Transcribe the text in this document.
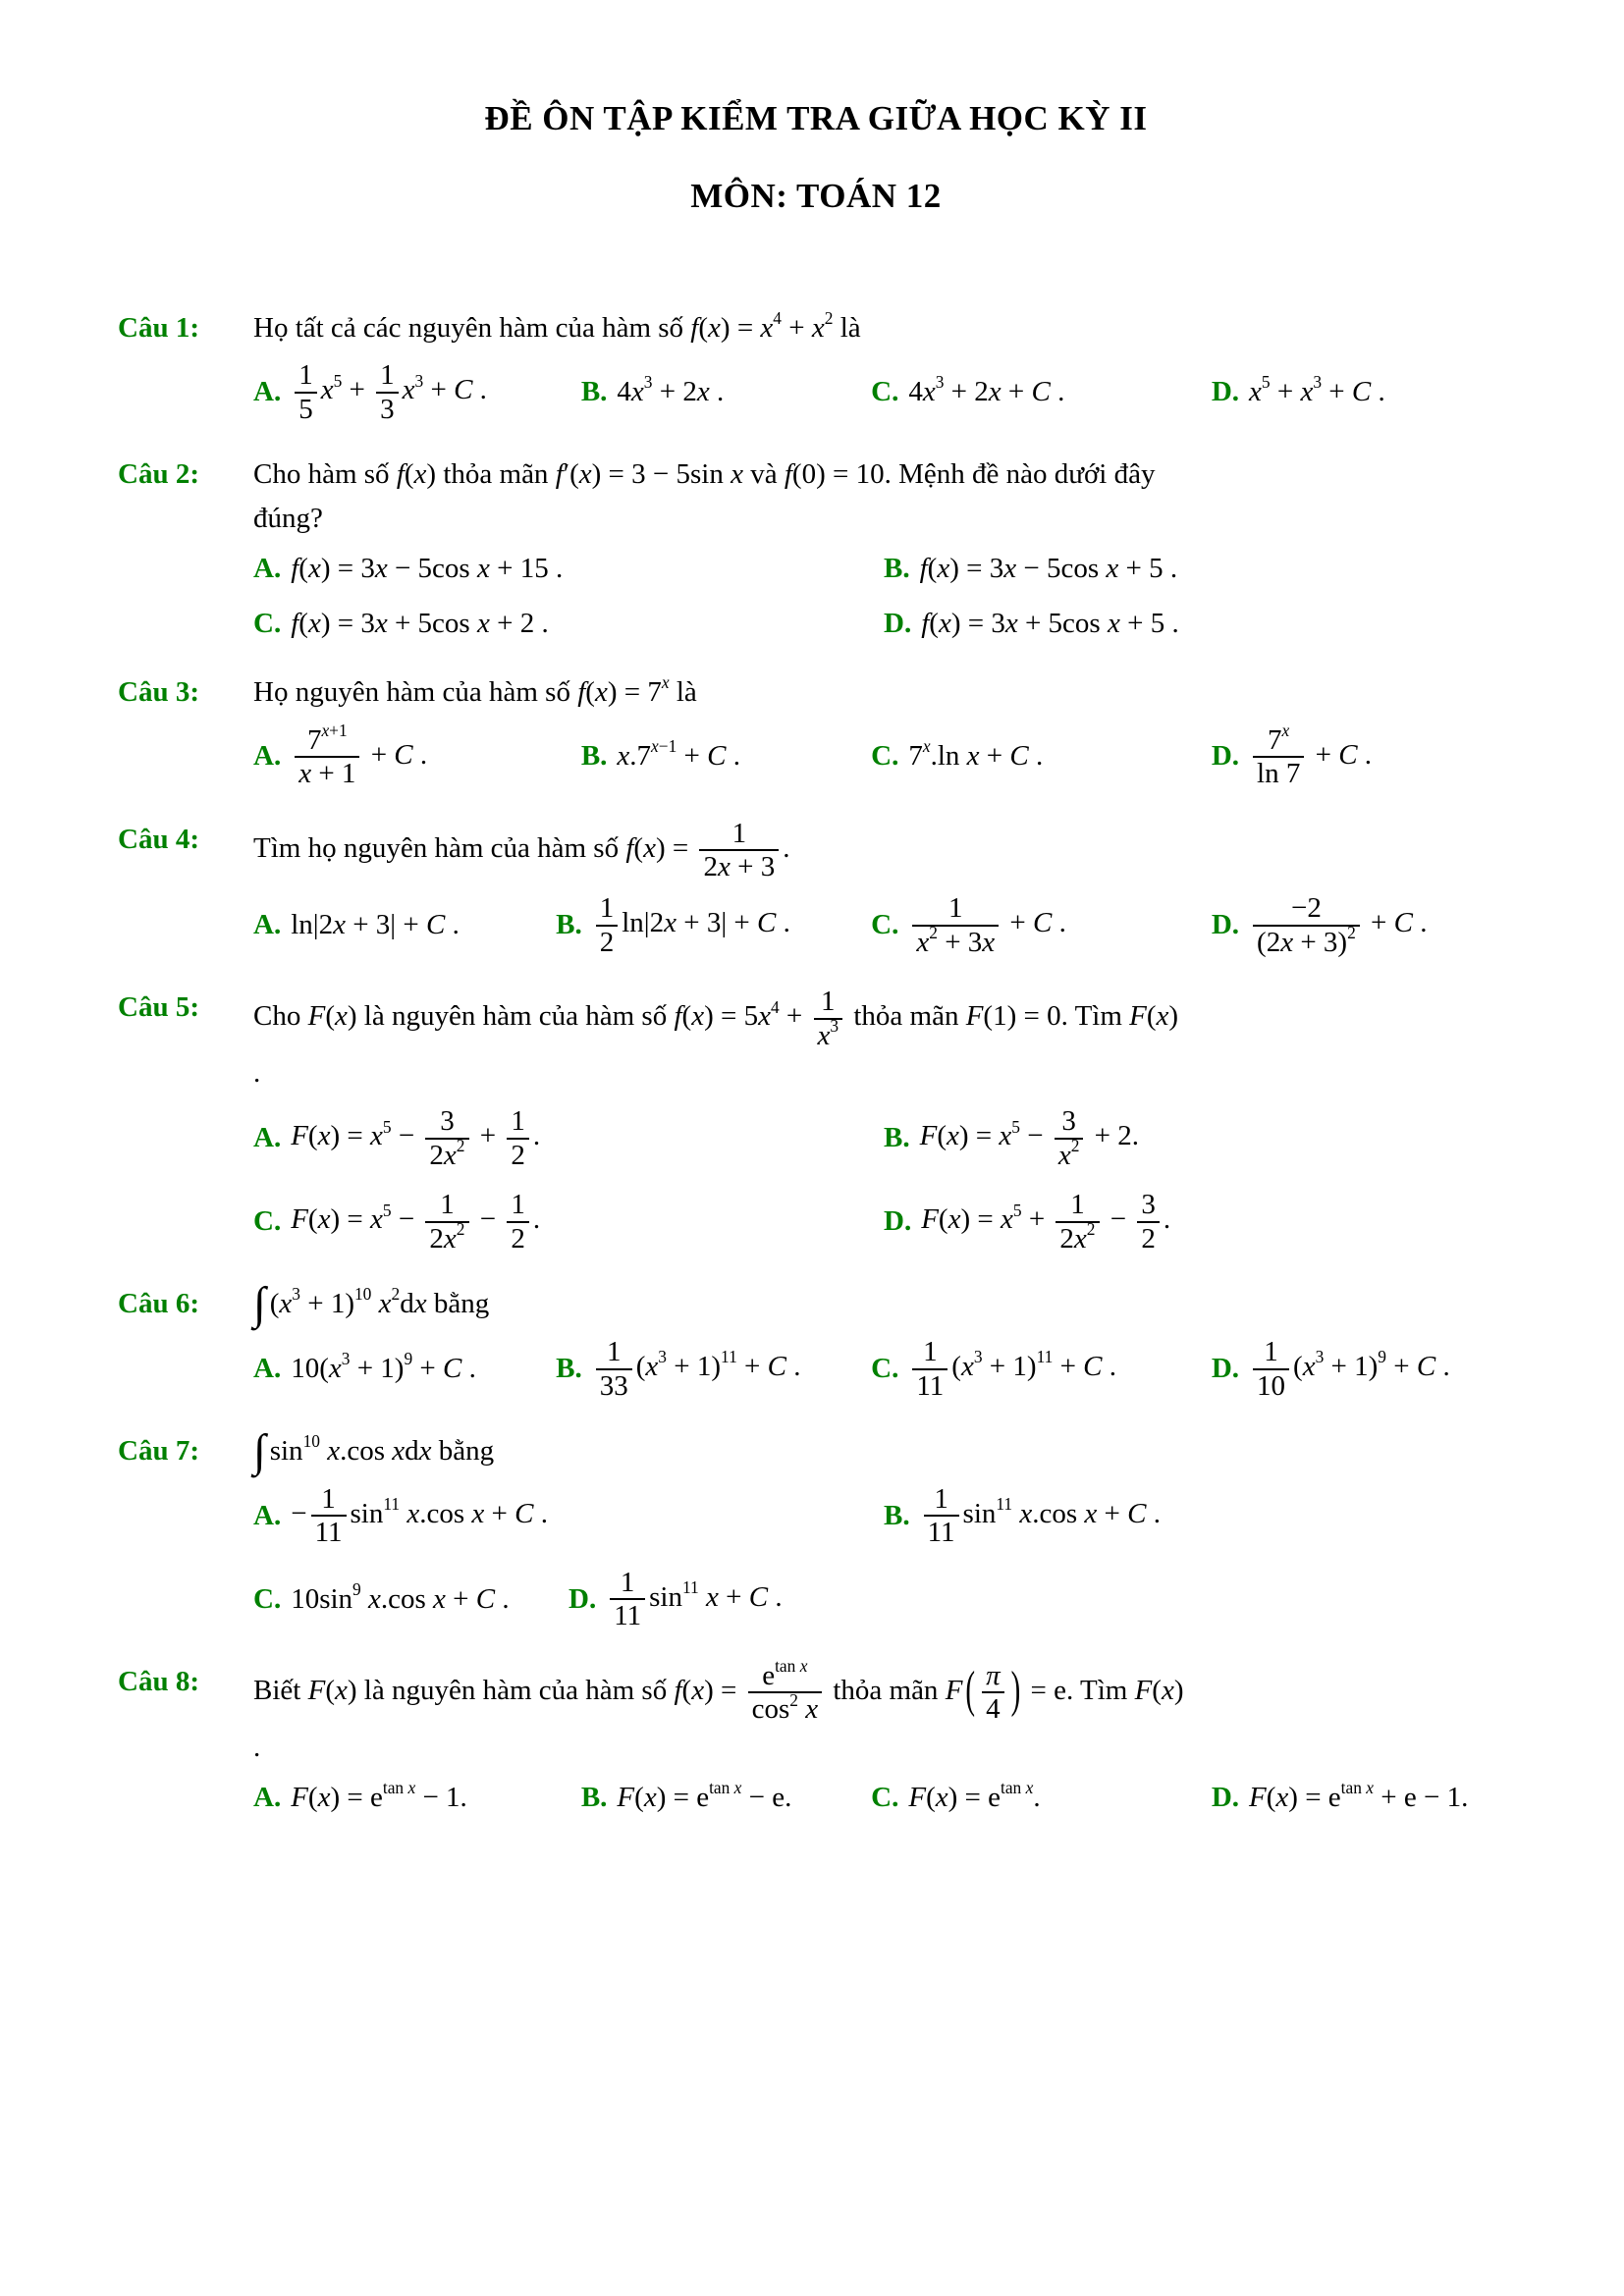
ĐỀ ÔN TẬP KIỂM TRA GIỮA HỌC KỲ II
MÔN: TOÁN 12
Câu 1:	Họ tất cả các nguyên hàm của hàm số $f(x) = x^4 + x^2$ là
A. $\frac{1}{5} x^5 + \frac{1}{3} x^3 + C$ .	B. $4x^3 + 2x$ .	C. $4x^3 + 2x + C$ .	D. $x^5 + x^3 + C$ .
Câu 2:	Cho hàm số f(x) thỏa mãn f′(x) = 3 − 5sin x và f(0) = 10. Mệnh đề nào dưới đây
đúng?
A. f(x) = 3x − 5cos x + 15 .	B. f(x) = 3x − 5cos x + 5 .
C. f(x) = 3x + 5cos x + 2 .	D. f(x) = 3x + 5cos x + 5 .
Câu 3:	Họ nguyên hàm của hàm số $f(x) = 7^x$ là
A. $\frac{7^{x+1}}{x + 1} + C$ .	B. $x.7^{x-1} + C$ .	C. 7$^x$.ln x + C .	D. $\frac{7^x}{\ln 7} + C$ .
Câu 4:	Tìm họ nguyên hàm của hàm số $f(x) = \frac{1}{2x + 3}$ .
A. ln|2x + 3| + C .	B. $\frac{1}{2} \ln|2x + 3| + C$ .	C. $\frac{1}{x^2 + 3x} + C$ .	D. $\frac{-2}{(2x + 3)^2} + C$ .
Câu 5:	Cho F(x) là nguyên hàm của hàm số $f(x) = 5x^4 + \frac{1}{x^3}$ thỏa mãn F(1) = 0. Tìm F(x)
.
A. $F(x) = x^5 - \frac{3}{2x^2} + \frac{1}{2}$ .	B. $F(x) = x^5 - \frac{3}{x^2} + 2$.
C. $F(x) = x^5 - \frac{1}{2x^2} - \frac{1}{2}$ .	D. $F(x) = x^5 + \frac{1}{2x^2} - \frac{3}{2}$ .
Câu 6:	∫ $(x^3 + 1)^{10}$ $x^2dx$ bằng
A. $10(x^3 + 1)^9 + C$ .	B. $\frac{1}{33} (x^3 + 1)^{11} + C$ . C. $\frac{1}{11} (x^3 + 1)^{11} + C$ .	D. $\frac{1}{10} (x^3 + 1)^9 + C$ .
Câu 7:	∫ $\sin^{10} x.\cos$ xdx bằng
A. − $\frac{1}{11} \sin^{11} x.\cos$ x + C .	B. $\frac{1}{11} \sin^{11} x.\cos$ x + C .
C. $10\sin^9$ x.cos x + C . D. $\frac{1}{11} \sin^{11} x + C$ .
Câu 8:	Biết F(x) là nguyên hàm của hàm số $f(x) = \frac{e^{tan x}}{\cos^2 x}$ thỏa mãn F ( $\frac{\pi}{4}$ ) = e. Tìm F(x)
.
A. $F(x) = e^{tan x} - 1$.	B. $F(x) = e^{tan x} - e$.	C. $F(x) = e^{tan x}$.	D. $F(x) = e^{tan x} + e - 1$.
